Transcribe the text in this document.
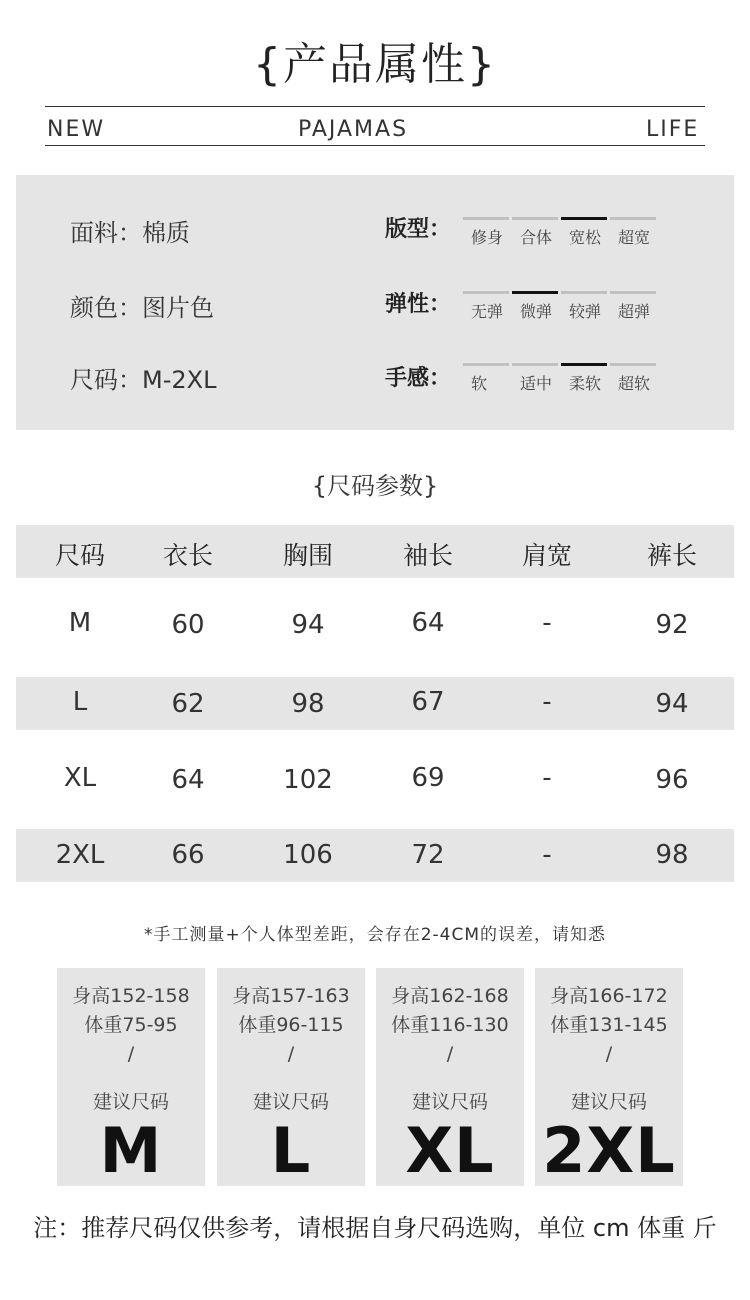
{产品属性}
NEW	PAJAMAS	LIFE
面料：棉质
颜色：图片色
尺码：M-2XL
版型：	修身	合体	宽松	超宽
弹性：	无弹	微弹	较弹	超弹
手感： 软	适中	柔软	超软
{尺码参数}
尺码	衣长	胸围	袖长	肩宽	裤长
M	60	94	64	-	92
L	62	98	67	-	94
XL	64	102	69	-	96
2XL	66	106	72	-	98
*手工测量+个人体型差距，会存在2-4CM的误差，请知悉
身高152-158
体重75-95
/
建议尺码
M
身高157-163
体重96-115
/
建议尺码
L
身高162-168
体重116-130
/
建议尺码
XL
身高166-172
体重131-145
/
建议尺码
2XL
注：推荐尺码仅供参考，请根据自身尺码选购，单位 cm 体重 斤
